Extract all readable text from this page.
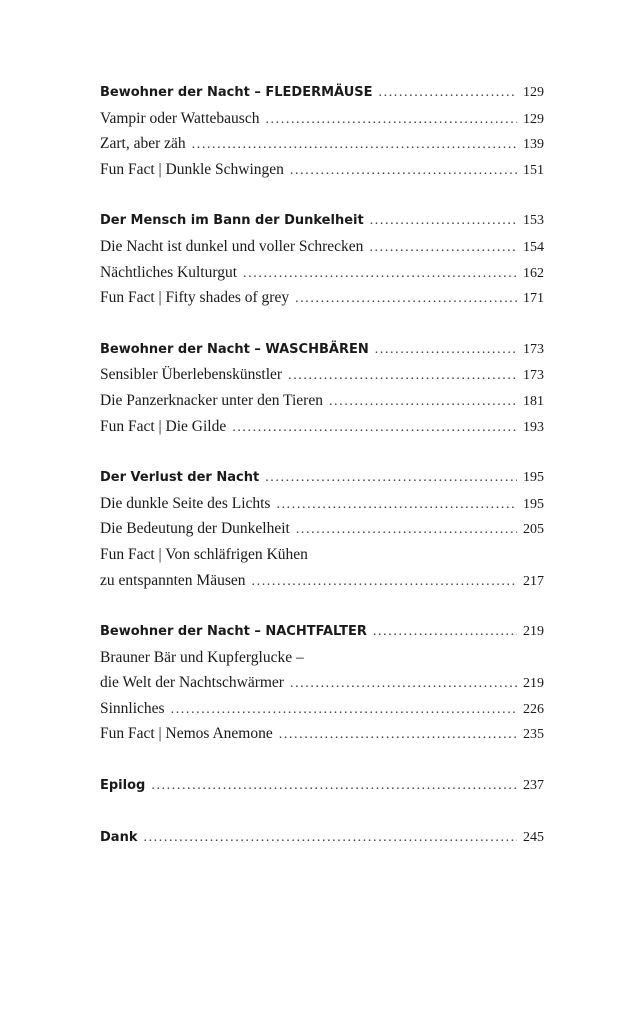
Bewohner der Nacht – FLEDERMÄUSE .....	129
Vampir oder Wattebausch .....	129
Zart, aber zäh .....	139
Fun Fact | Dunkle Schwingen .....	151
Der Mensch im Bann der Dunkelheit .....	153
Die Nacht ist dunkel und voller Schrecken .....	154
Nächtliches Kulturgut .....	162
Fun Fact | Fifty shades of grey .....	171
Bewohner der Nacht – WASCHBÄREN .....	173
Sensibler Überlebenskünstler .....	173
Die Panzerknacker unter den Tieren .....	181
Fun Fact | Die Gilde .....	193
Der Verlust der Nacht .....	195
Die dunkle Seite des Lichts .....	195
Die Bedeutung der Dunkelheit .....	205
Fun Fact | Von schläfrigen Kühen
zu entspannten Mäusen .....	217
Bewohner der Nacht – NACHTFALTER .....	219
Brauner Bär und Kupferglucke –
die Welt der Nachtschwärmer .....	219
Sinnliches .....	226
Fun Fact | Nemos Anemone .....	235
Epilog .....	237
Dank .....	245
